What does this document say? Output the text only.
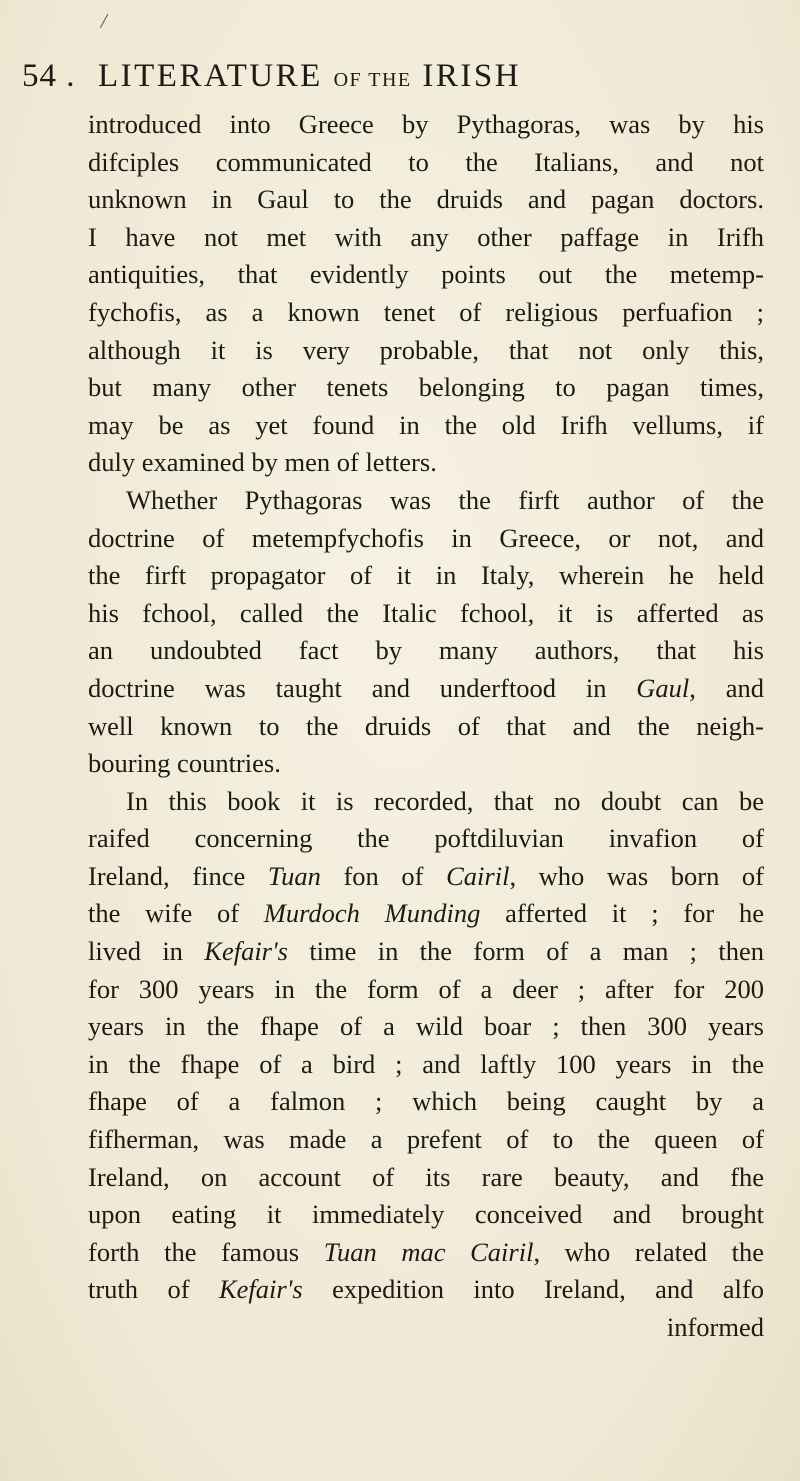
/
54 . LITERATURE OF THE IRISH
introduced into Greece by Pythagoras, was by his
difciples communicated to the Italians, and not
unknown in Gaul to the druids and pagan doctors.
I have not met with any other paffage in Irifh
antiquities, that evidently points out the metemp-
fychofis, as a known tenet of religious perfuafion ;
although it is very probable, that not only this,
but many other tenets belonging to pagan times,
may be as yet found in the old Irifh vellums, if
duly examined by men of letters.
Whether Pythagoras was the firft author of the
doctrine of metempfychofis in Greece, or not, and
the firft propagator of it in Italy, wherein he held
his fchool, called the Italic fchool, it is afferted as
an undoubted fact by many authors, that his
doctrine was taught and underftood in Gaul, and
well known to the druids of that and the neigh-
bouring countries.
In this book it is recorded, that no doubt can be
raifed concerning the poftdiluvian invafion of
Ireland, fince Tuan fon of Cairil, who was born of
the wife of Murdoch Munding afferted it ; for he
lived in Kefair's time in the form of a man ; then
for 300 years in the form of a deer ; after for 200
years in the fhape of a wild boar ; then 300 years
in the fhape of a bird ; and laftly 100 years in the
fhape of a falmon ; which being caught by a
fifherman, was made a prefent of to the queen of
Ireland, on account of its rare beauty, and fhe
upon eating it immediately conceived and brought
forth the famous Tuan mac Cairil, who related the
truth of Kefair's expedition into Ireland, and alfo
informed
